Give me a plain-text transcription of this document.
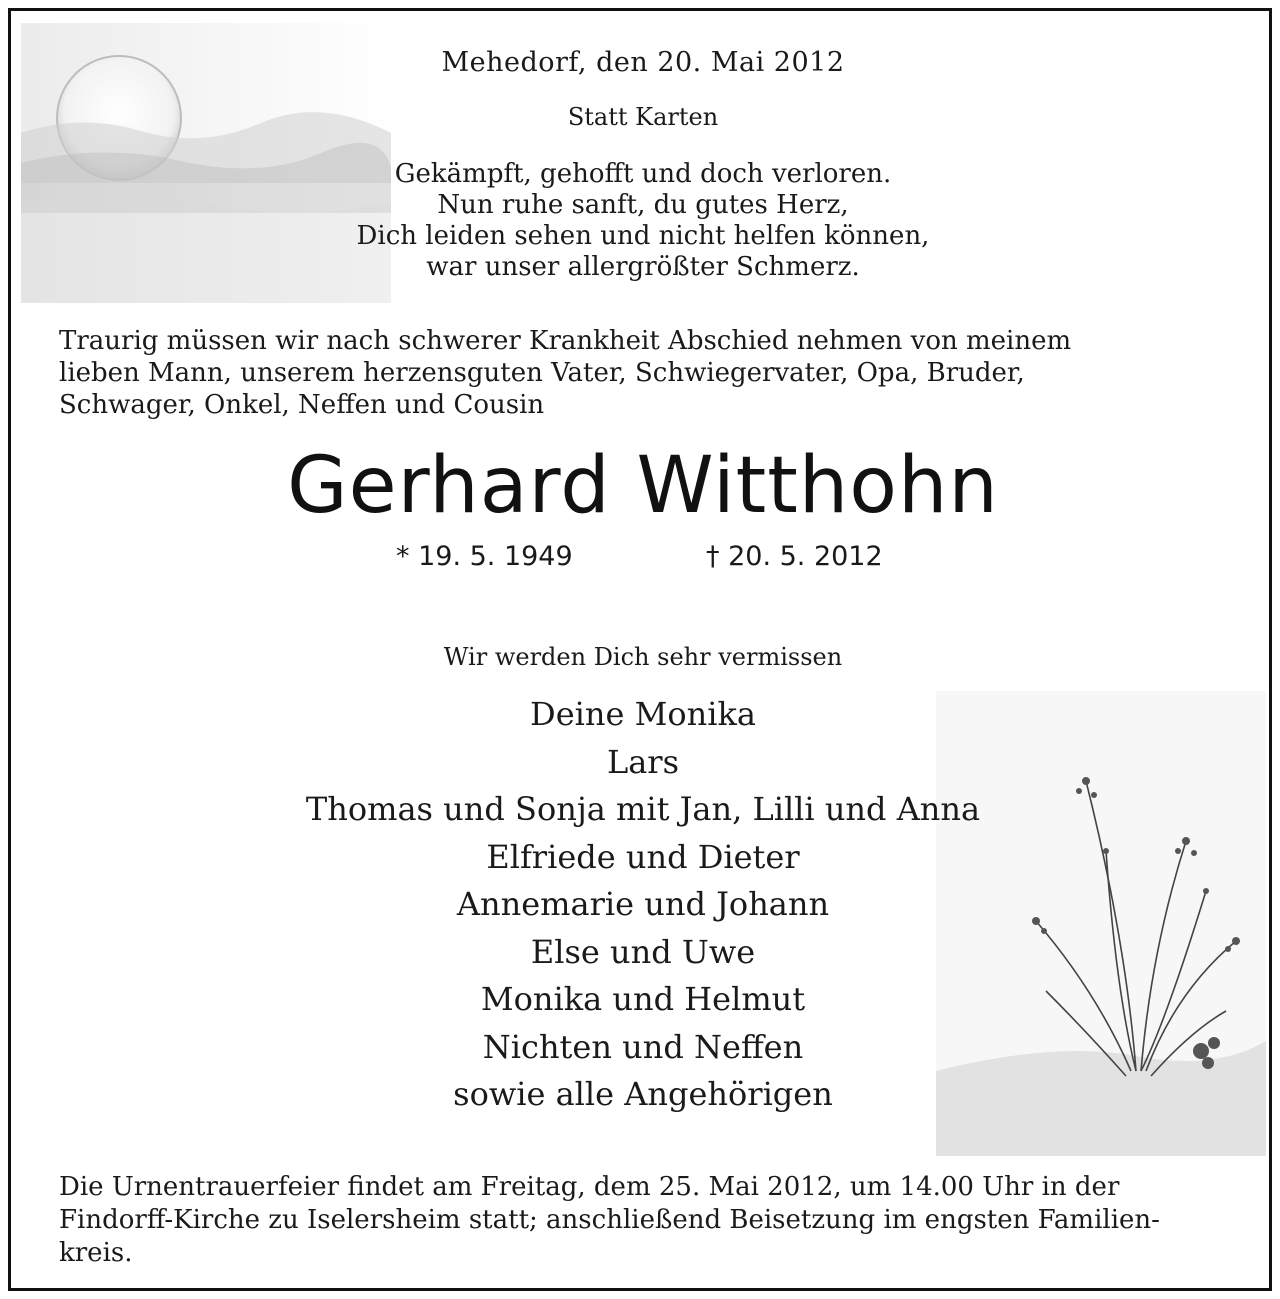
Mehedorf, den 20. Mai 2012
Statt Karten
Gekämpft, gehofft und doch verloren.
Nun ruhe sanft, du gutes Herz,
Dich leiden sehen und nicht helfen können,
war unser allergrößter Schmerz.
Traurig müssen wir nach schwerer Krankheit Abschied nehmen von meinem
lieben Mann, unserem herzensguten Vater, Schwiegervater, Opa, Bruder,
Schwager, Onkel, Neffen und Cousin
Gerhard Witthohn
* 19. 5. 1949	† 20. 5. 2012
Wir werden Dich sehr vermissen
Deine Monika
Lars
Thomas und Sonja mit Jan, Lilli und Anna
Elfriede und Dieter
Annemarie und Johann
Else und Uwe
Monika und Helmut
Nichten und Neffen
sowie alle Angehörigen
Die Urnentrauerfeier findet am Freitag, dem 25. Mai 2012, um 14.00 Uhr in der
Findorff-Kirche zu Iselersheim statt; anschließend Beisetzung im engsten Familien-
kreis.
